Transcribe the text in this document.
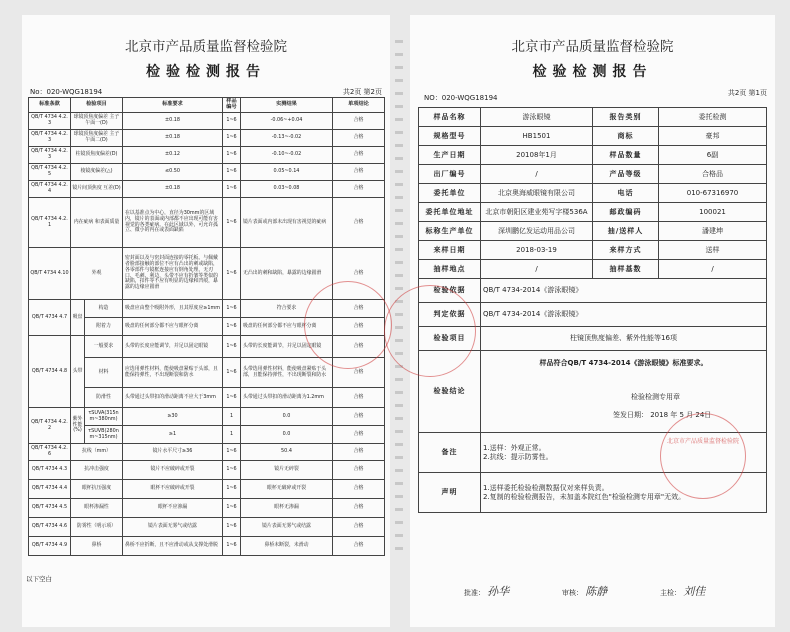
北京市产品质量监督检验院
检验检测报告
No：020-WQG18194	共2页 第2页
标准条款	检验项目		标准要求	样品编号	实测结果	单项结论
QB/T 4734 4.2.3	球镜顶焦度偏差 主子午面一(D)		±0.18	1~6	-0.06~+0.04	合格
QB/T 4734 4.2.3	球镜顶焦度偏差 主子午面二(D)		±0.18	1~6	-0.13~-0.02	合格
QB/T 4734 4.2.3	柱镜顶焦度偏差(D)		±0.12	1~6	-0.10~-0.02	合格
QB/T 4734 4.2.5	棱镜度偏差(△)		≤0.50	1~6	0.05~0.14	合格
QB/T 4734 4.2.4	镜片间顶焦度 互差(D)		±0.18	1~6	0.03~0.08	合格
QB/T 4734 4.2.1	内在疵病 和表面质量		在以基准点为中心，直径为30mm的区域内，镜片的表面或内部都不应出现可能有害视觉的各类疵病。在此区域以外，可允许孤立、微小的内在或表面缺陷	1~6	镜片表面或内部未出现有害视觉的疵病	合格
QB/T 4734 4.10	外观		密封面以及与密封面连接的零托板、与佩戴者脸部接触的部位不应有凸出的刺或缺陷，各零部件与镜框连接应有倒角处理，无刃口、毛刺、利边，头带不应有折皱等类似的缺陷，扣件等不应有明显的边缘和凹痕，暴露的边缘应圆滑	1~6	无凸出的刺和缺陷，暴露的边缘圆滑	合格
QB/T 4734 4.7	吸盘	构造	吸盘应由整个吸附外形，且其厚度应≥1mm	1~6	符合要求	合格
		附着力	吸盘的任何部分都不应与眼杯分离	1~6	吸盘的任何部分都不应与眼杯分离	合格
QB/T 4734 4.8	头带	一般要求	头带的长度应能调节，并足以固定眼镜	1~6	头带的长度能调节，并足以固定眼镜	合格
		材料	应选用弹性材料，能使吸盘紧贴于头部，且能保持弹性，不出现断裂和防水	1~6	头带选用弹性材料，能使吸盘紧贴于头部，且能保持弹性，不出现断裂和防水	合格
		防滑性	头带通过头带扣的滑动距离不应大于3mm	1~6	头带通过头带扣的滑动距离为1.2mm	合格
QB/T 4734 4.2.2	紫外性能(%)	τSUVA(315nm~380nm)	≥30	1	0.0	合格
		τSUVB(280nm~315nm)	≥1	1	0.0	合格
QB/T 4734 4.2.6	抗线（mm）		镜片水平尺寸≥36	1~6	50.4	合格
QB/T 4734 4.3	抗冲击强度		镜片不应破碎或开裂	1~6	镜片无碎裂	合格
QB/T 4734 4.4	眼杯抗压强度		眼杯不应破碎或开裂	1~6	眼杯无破碎或开裂	合格
QB/T 4734 4.5	眼杯渗漏性		眼杯不应渗漏	1~6	眼杯无渗漏	合格
QB/T 4734 4.6	防雾性（明示项）		镜片表面无雾气或结露	1~6	镜片表面无雾气或结露	合格
QB/T 4734 4.9	鼻桥		鼻桥不应折断，且不应滑动或从支撑处滑脱	1~6	鼻桥未断裂，未滑动	合格
以下空白
北京市产品质量监督检验院
检验检测报告
NO：020-WQG18194
共2页 第1页
样品名称	游泳眼镜	报告类别	委托检测
规格型号	HB1501	商标	豪邦
生产日期	20108年1月	样品数量	6副
出厂编号	/	产品等级	合格品
委托单位	北京奥海威眼镜有限公司	电话	010-67316970
委托单位地址	北京市朝阳区建业苑写字楼536A	邮政编码	100021
标称生产单位	深圳鹏亿发运动用品公司	抽/送样人	潘建坤
来样日期	2018-03-19	来样方式	送样
抽样地点	/	抽样基数	/
检验依据	QB/T 4734-2014《游泳眼镜》		
判定依据	QB/T 4734-2014《游泳眼镜》		
检验项目	柱镜顶焦度偏差、紫外性能等16项		
检验结论	样品符合QB/T 4734-2014《游泳眼镜》标准要求。
检验检测专用章
签发日期： 2018 年 5 月 24日		

备注	1.送样：外观正常。
2.抗线：提示防雾性。		

声明	1.送样委托检验检测数据仅对来样负责。
2.复制的检验检测报告，未加盖本院红色"检验检测专用章"无效。		
批准： 孙华	审核： 陈静	主检： 刘佳
北京市产品质量监督检验院
